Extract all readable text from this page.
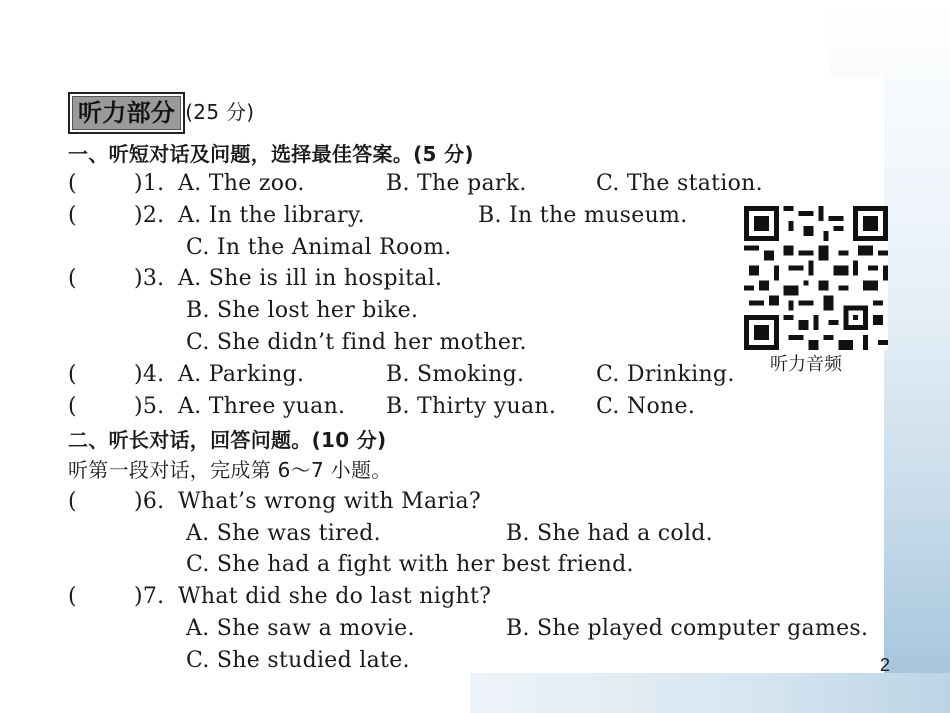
听力部分 (25 分)
一、听短对话及问题，选择最佳答案。(5 分)
(	)1. A. The zoo.	B. The park.	C. The station.
(	)2. A. In the library.	B. In the museum.
C. In the Animal Room.
(	)3. A. She is ill in hospital.
B. She lost her bike.
C. She didn’t find her mother.
(	)4. A. Parking.	B. Smoking.	C. Drinking.
(	)5. A. Three yuan. B. Thirty yuan. C. None.
二、听长对话，回答问题。(10 分)
听第一段对话，完成第 6～7 小题。
(	)6. What’s wrong with Maria?
A. She was tired.	B. She had a cold.
C. She had a fight with her best friend.
(	)7. What did she do last night?
A. She saw a movie.	B. She played computer games.
C. She studied late.
听力音频
2
